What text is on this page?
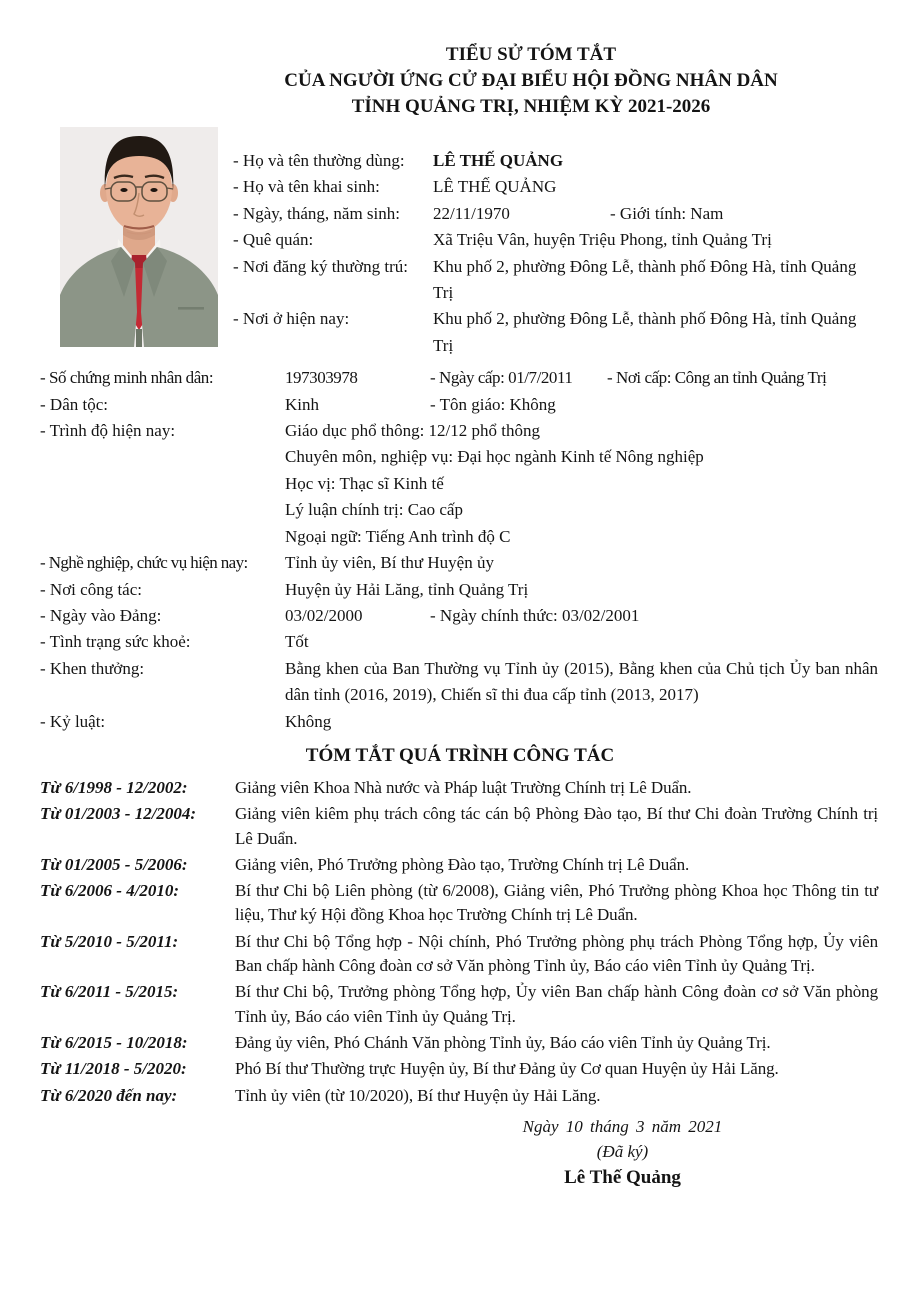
TIỂU SỬ TÓM TẮT
CỦA NGƯỜI ỨNG CỬ ĐẠI BIỂU HỘI ĐỒNG NHÂN DÂN
TỈNH QUẢNG TRỊ, NHIỆM KỲ 2021-2026
- Họ và tên thường dùng:	LÊ THẾ QUẢNG
- Họ và tên khai sinh:	LÊ THẾ QUẢNG
- Ngày, tháng, năm sinh:	22/11/1970	- Giới tính: Nam
- Quê quán:	Xã Triệu Vân, huyện Triệu Phong, tỉnh Quảng Trị
- Nơi đăng ký thường trú:	Khu phố 2, phường Đông Lễ, thành phố Đông Hà, tỉnh Quảng Trị
- Nơi ở hiện nay:	Khu phố 2, phường Đông Lễ, thành phố Đông Hà, tỉnh Quảng Trị
- Số chứng minh nhân dân:	197303978	- Ngày cấp: 01/7/2011	- Nơi cấp: Công an tỉnh Quảng Trị
- Dân tộc:	Kinh	- Tôn giáo: Không
- Trình độ hiện nay:	Giáo dục phổ thông: 12/12 phổ thông
Chuyên môn, nghiệp vụ: Đại học ngành Kinh tế Nông nghiệp
Học vị: Thạc sĩ Kinh tế
Lý luận chính trị: Cao cấp
Ngoại ngữ: Tiếng Anh trình độ C
- Nghề nghiệp, chức vụ hiện nay:	Tỉnh ủy viên, Bí thư Huyện ủy
- Nơi công tác:	Huyện ủy Hải Lăng, tỉnh Quảng Trị
- Ngày vào Đảng:	03/02/2000	- Ngày chính thức: 03/02/2001
- Tình trạng sức khoẻ:	Tốt
- Khen thưởng:	Bằng khen của Ban Thường vụ Tỉnh ủy (2015), Bằng khen của Chủ tịch Ủy ban nhân dân tỉnh (2016, 2019), Chiến sĩ thi đua cấp tỉnh (2013, 2017)
- Kỷ luật:	Không
TÓM TẮT QUÁ TRÌNH CÔNG TÁC
Từ 6/1998 - 12/2002:	Giảng viên Khoa Nhà nước và Pháp luật Trường Chính trị Lê Duẩn.
Từ 01/2003 - 12/2004:	Giảng viên kiêm phụ trách công tác cán bộ Phòng Đào tạo, Bí thư Chi đoàn Trường Chính trị Lê Duẩn.
Từ 01/2005 - 5/2006:	Giảng viên, Phó Trưởng phòng Đào tạo, Trường Chính trị Lê Duẩn.
Từ 6/2006 - 4/2010:	Bí thư Chi bộ Liên phòng (từ 6/2008), Giảng viên, Phó Trưởng phòng Khoa học Thông tin tư liệu, Thư ký Hội đồng Khoa học Trường Chính trị Lê Duẩn.
Từ 5/2010 - 5/2011:	Bí thư Chi bộ Tổng hợp - Nội chính, Phó Trưởng phòng phụ trách Phòng Tổng hợp, Ủy viên Ban chấp hành Công đoàn cơ sở Văn phòng Tỉnh ủy, Báo cáo viên Tỉnh ủy Quảng Trị.
Từ 6/2011 - 5/2015:	Bí thư Chi bộ, Trưởng phòng Tổng hợp, Ủy viên Ban chấp hành Công đoàn cơ sở Văn phòng Tỉnh ủy, Báo cáo viên Tỉnh ủy Quảng Trị.
Từ 6/2015 - 10/2018:	Đảng ủy viên, Phó Chánh Văn phòng Tỉnh ủy, Báo cáo viên Tỉnh ủy Quảng Trị.
Từ 11/2018 - 5/2020:	Phó Bí thư Thường trực Huyện ủy, Bí thư Đảng ủy Cơ quan Huyện ủy Hải Lăng.
Từ 6/2020 đến nay:	Tỉnh ủy viên (từ 10/2020), Bí thư Huyện ủy Hải Lăng.
Ngày 10 tháng 3 năm 2021
(Đã ký)
Lê Thế Quảng
